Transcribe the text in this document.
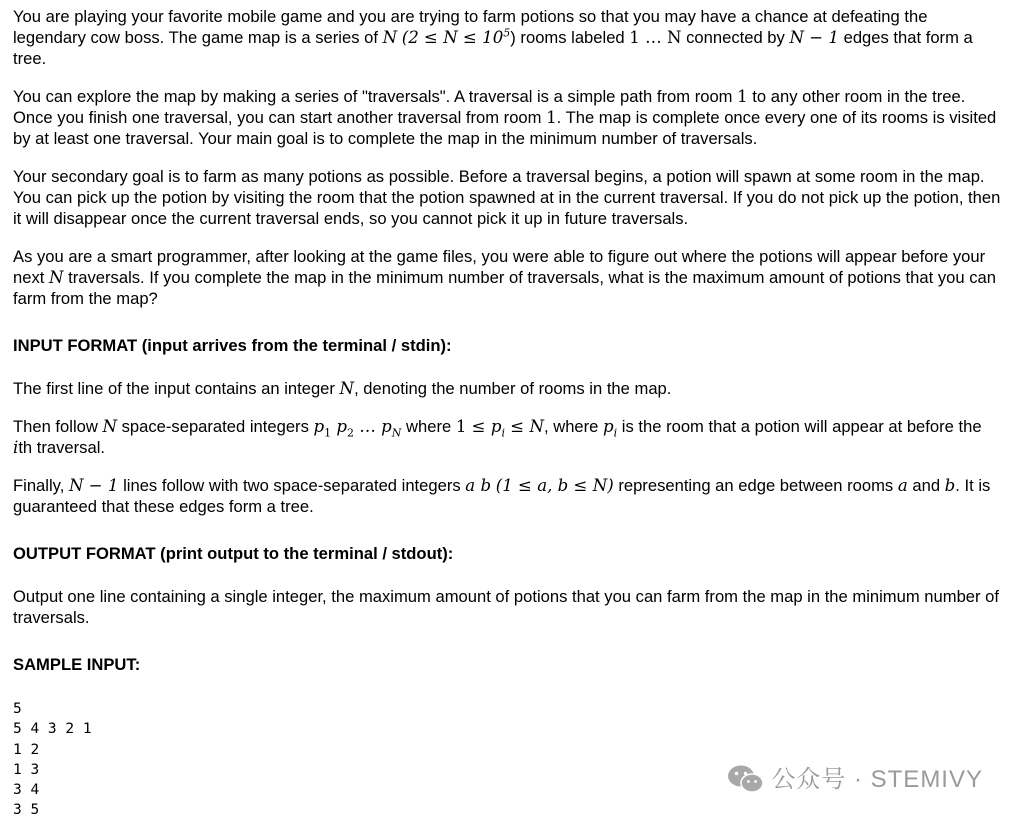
You are playing your favorite mobile game and you are trying to farm potions so that you may have a chance at defeating the legendary cow boss. The game map is a series of N $(2 \le N \le 10^5)$ rooms labeled 1 … N connected by N − 1 edges that form a tree.

You can explore the map by making a series of "traversals". A traversal is a simple path from room 1 to any other room in the tree. Once you finish one traversal, you can start another traversal from room 1. The map is complete once every one of its rooms is visited by at least one traversal. Your main goal is to complete the map in the minimum number of traversals.

Your secondary goal is to farm as many potions as possible. Before a traversal begins, a potion will spawn at some room in the map. You can pick up the potion by visiting the room that the potion spawned at in the current traversal. If you do not pick up the potion, then it will disappear once the current traversal ends, so you cannot pick it up in future traversals.

As you are a smart programmer, after looking at the game files, you were able to figure out where the potions will appear before your next N traversals. If you complete the map in the minimum number of traversals, what is the maximum amount of potions that you can farm from the map?

INPUT FORMAT (input arrives from the terminal / stdin):

The first line of the input contains an integer N, denoting the number of rooms in the map.

Then follow N space-separated integers $p_1$ $p_2$ … $p_N$ where $1 \le p_i \le N$, where $p_i$ is the room that a potion will appear at before the ith traversal.

Finally, N − 1 lines follow with two space-separated integers a b (1 ≤ a, b ≤ N) representing an edge between rooms a and b. It is guaranteed that these edges form a tree.

OUTPUT FORMAT (print output to the terminal / stdout):

Output one line containing a single integer, the maximum amount of potions that you can farm from the map in the minimum number of traversals.

SAMPLE INPUT:
5
5 4 3 2 1
1 2
1 3
3 4
3 5
公众号 · STEMIVY
